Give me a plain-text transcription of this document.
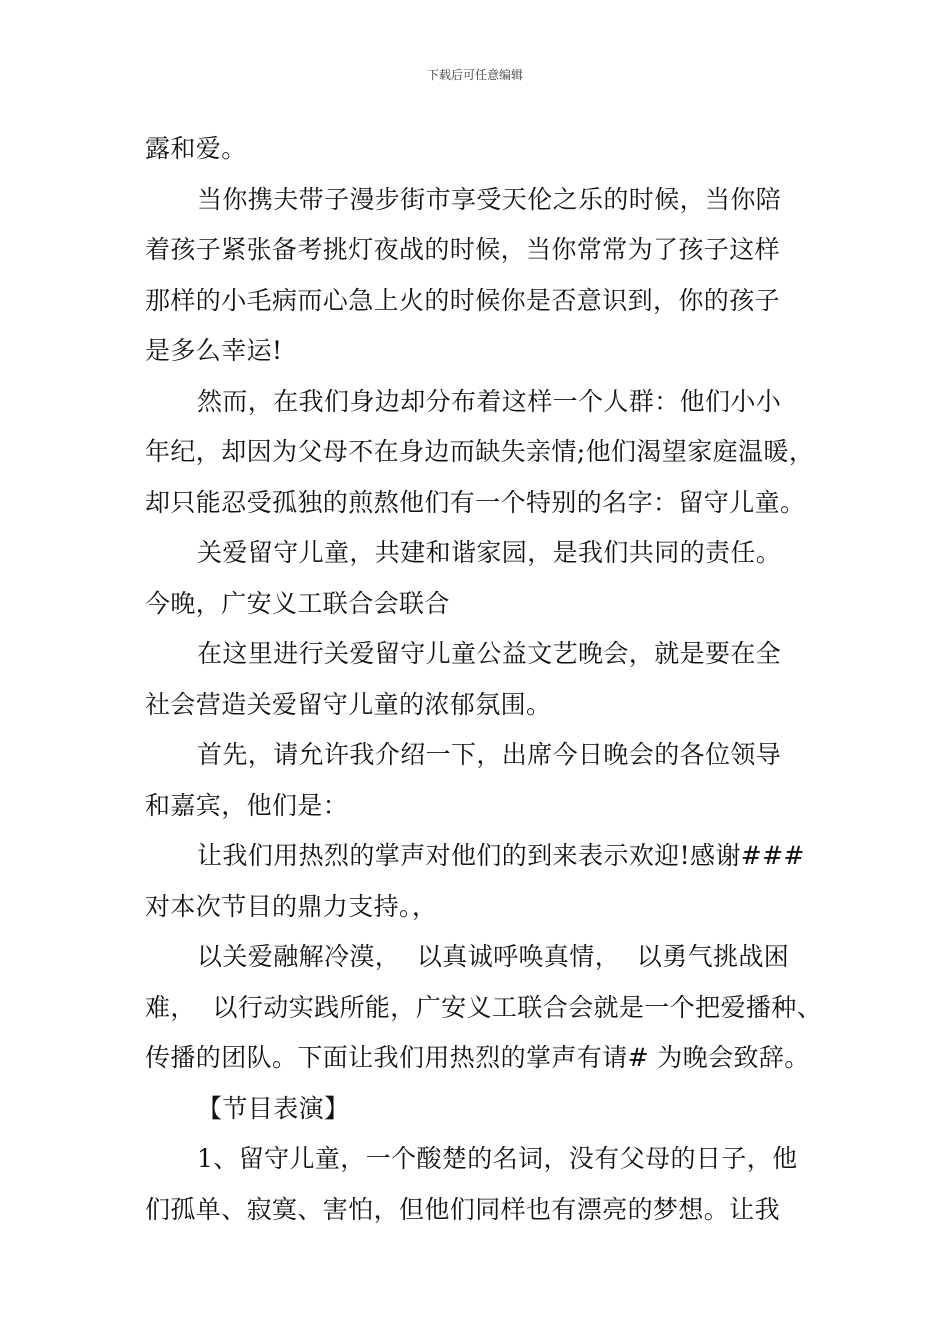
下载后可任意编辑
露和爱。
当你携夫带子漫步街市享受天伦之乐的时候，当你陪
着孩子紧张备考挑灯夜战的时候，当你常常为了孩子这样
那样的小毛病而心急上火的时候你是否意识到，你的孩子
是多么幸运!
然而，在我们身边却分布着这样一个人群：他们小小
年纪，却因为父母不在身边而缺失亲情;他们渴望家庭温暖，
却只能忍受孤独的煎熬他们有一个特别的名字：留守儿童。
关爱留守儿童，共建和谐家园，是我们共同的责任。
今晚，广安义工联合会联合
在这里进行关爱留守儿童公益文艺晚会，就是要在全
社会营造关爱留守儿童的浓郁氛围。
首先，请允许我介绍一下，出席今日晚会的各位领导
和嘉宾，他们是：
让我们用热烈的掌声对他们的到来表示欢迎!感谢###
对本次节目的鼎力支持。，
以关爱融解冷漠，  以真诚呼唤真情，  以勇气挑战困
难，  以行动实践所能，广安义工联合会就是一个把爱播种、
传播的团队。下面让我们用热烈的掌声有请# 为晚会致辞。
【节目表演】
1、留守儿童，一个酸楚的名词，没有父母的日子，他
们孤单、寂寞、害怕，但他们同样也有漂亮的梦想。让我
